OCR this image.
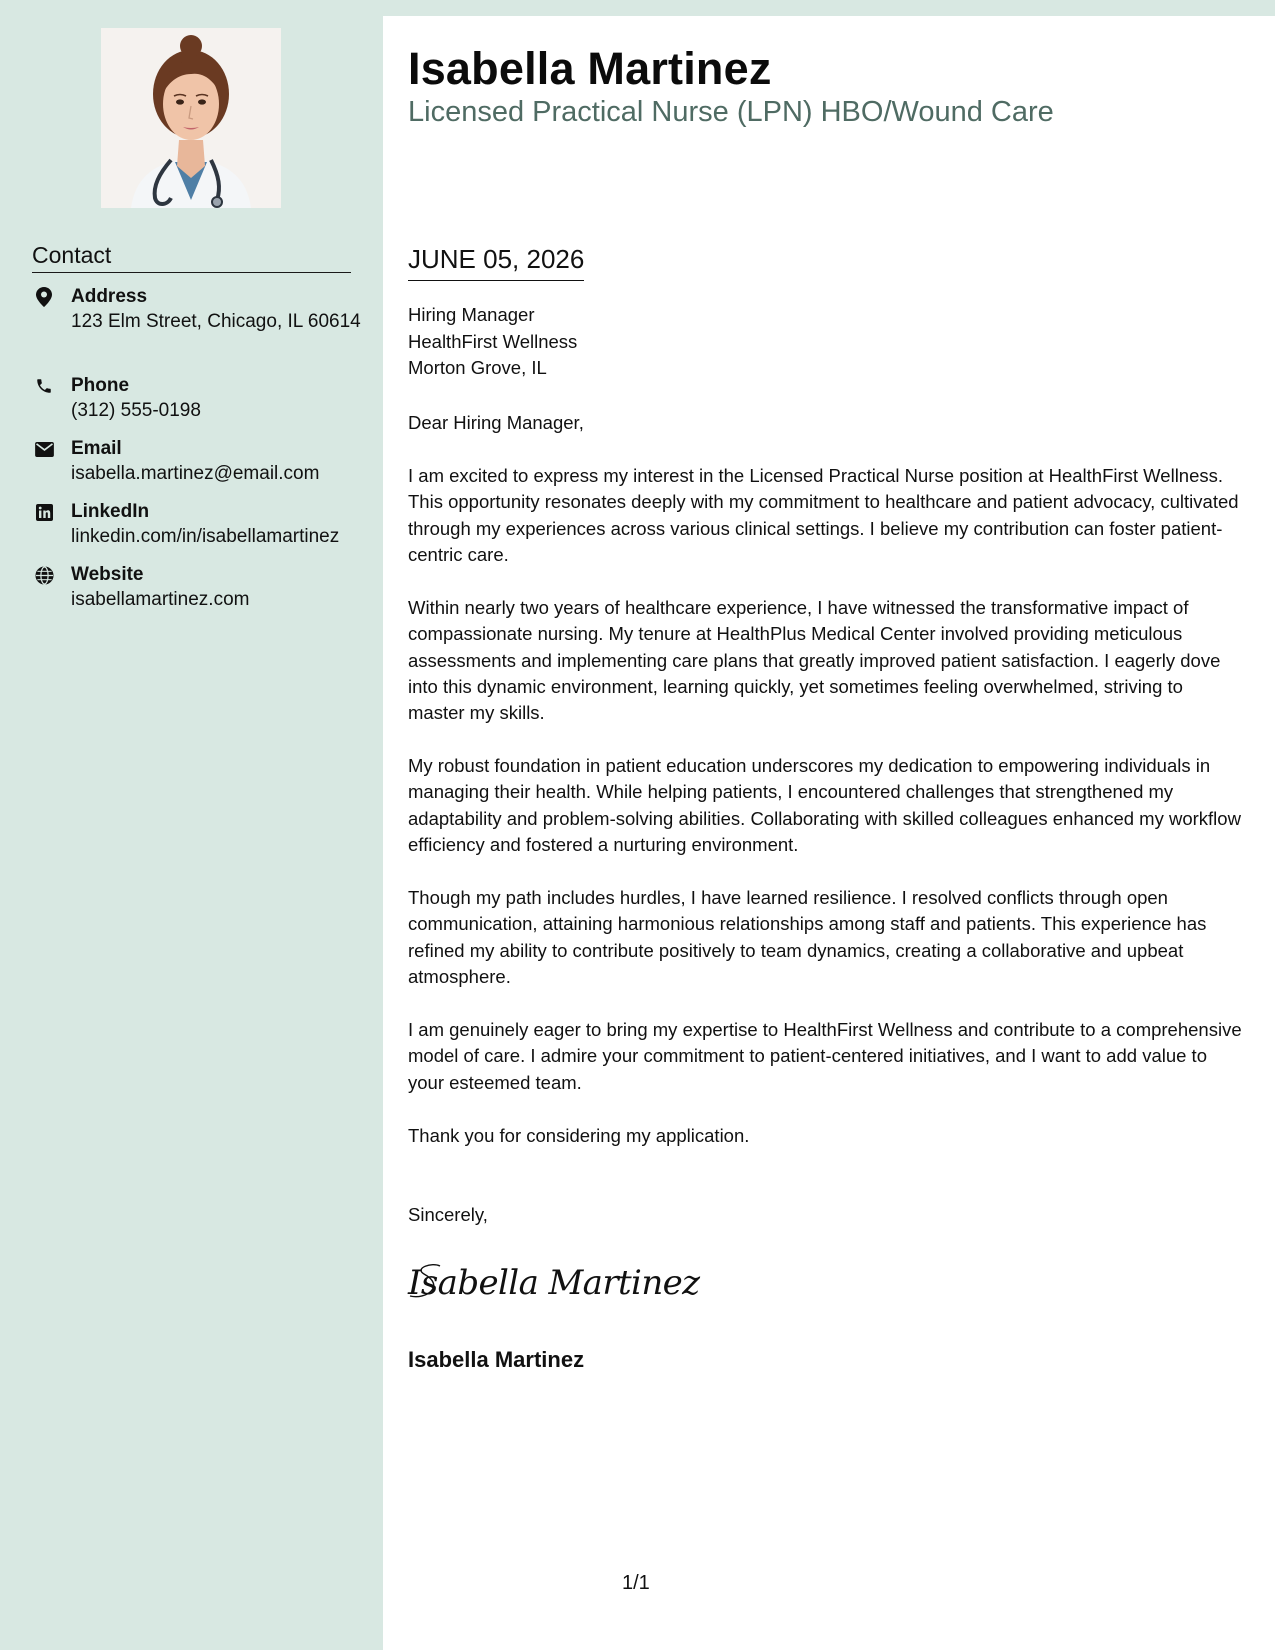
Contact
Address
123 Elm Street, Chicago, IL 60614
Phone
(312) 555-0198
Email
isabella.martinez@email.com
LinkedIn
linkedin.com/in/isabellamartinez
Website
isabellamartinez.com
Isabella Martinez
Licensed Practical Nurse (LPN) HBO/Wound Care
JUNE 05, 2026
Hiring Manager
HealthFirst Wellness
Morton Grove, IL

Dear Hiring Manager,

I am excited to express my interest in the Licensed Practical Nurse position at HealthFirst Wellness. This opportunity resonates deeply with my commitment to healthcare and patient advocacy, cultivated through my experiences across various clinical settings. I believe my contribution can foster patient-centric care.

Within nearly two years of healthcare experience, I have witnessed the transformative impact of compassionate nursing. My tenure at HealthPlus Medical Center involved providing meticulous assessments and implementing care plans that greatly improved patient satisfaction. I eagerly dove into this dynamic environment, learning quickly, yet sometimes feeling overwhelmed, striving to master my skills.

My robust foundation in patient education underscores my dedication to empowering individuals in managing their health. While helping patients, I encountered challenges that strengthened my adaptability and problem-solving abilities. Collaborating with skilled colleagues enhanced my workflow efficiency and fostered a nurturing environment.

Though my path includes hurdles, I have learned resilience. I resolved conflicts through open communication, attaining harmonious relationships among staff and patients. This experience has refined my ability to contribute positively to team dynamics, creating a collaborative and upbeat atmosphere.

I am genuinely eager to bring my expertise to HealthFirst Wellness and contribute to a comprehensive model of care. I admire your commitment to patient-centered initiatives, and I want to add value to your esteemed team.

Thank you for considering my application.

Sincerely,
Isabella Martinez
Isabella Martinez
1/1
